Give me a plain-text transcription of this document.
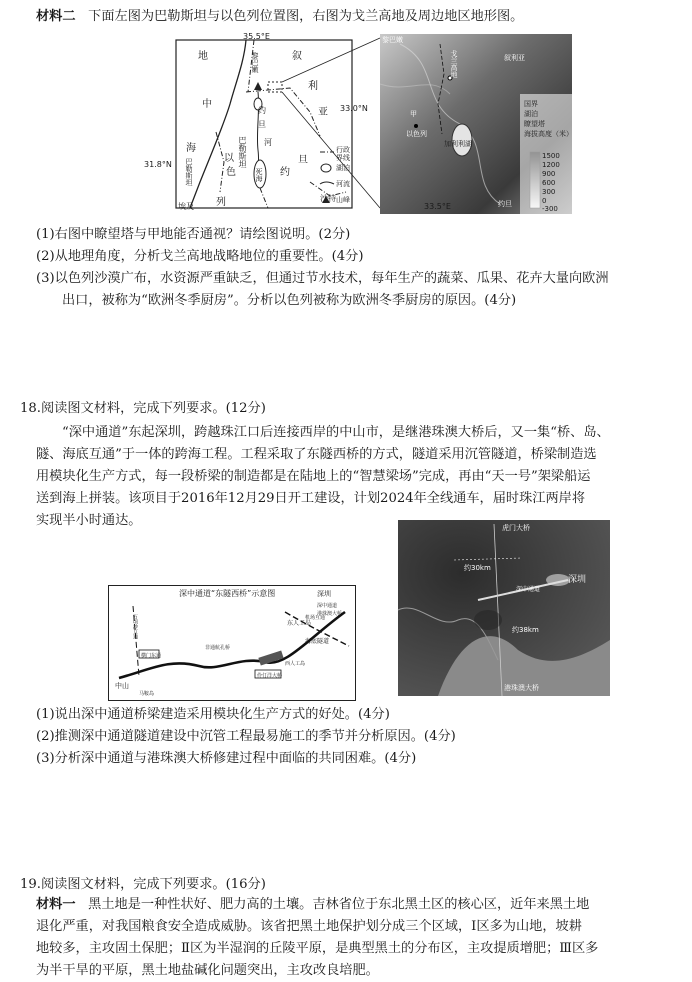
材料二 下面左图为巴勒斯坦与以色列位置图，右图为戈兰高地及周边地区地形图。
35.5°E
31.8°N
地
中
海
叙
利
亚
黎巴嫩
约
旦
河
约
旦
巴勒斯坦
以
色
列
巴勒斯坦	死海
埃及
沙特
行政界线
湖泊
河流
山峰
黎巴嫩
戈兰高地	叙利亚
甲
以色列
加利利湖
约旦
国界
湖泊
瞭望塔
海拔高度（米）
1500
1200
900
600
300
0
-300
33.0°N
33.5°E
(1)右图中瞭望塔与甲地能否通视？请绘图说明。(2分)
(2)从地理角度，分析戈兰高地战略地位的重要性。(4分)
(3)以色列沙漠广布，水资源严重缺乏，但通过节水技术，每年生产的蔬菜、瓜果、花卉大量向欧洲
出口，被称为“欧洲冬季厨房”。分析以色列被称为欧洲冬季厨房的原因。(4分)
18.阅读图文材料，完成下列要求。(12分)
“深中通道”东起深圳，跨越珠江口后连接西岸的中山市，是继港珠澳大桥后，又一集“桥、岛、
隧、海底互通”于一体的跨海工程。工程采取了东隧西桥的方式，隧道采用沉管隧道，桥梁制造选
用模块化生产方式，每一段桥梁的制造都是在陆地上的“智慧梁场”完成，再由“天一号”架梁船运
送到海上拼装。该项目于2016年12月29日开工建设，计划2024年全线通车，届时珠江两岸将
实现半小时通达。
深中通道“东隧西桥”示意图	深圳
深中通道
港珠澳大桥
东人工岛
海底隧道
横门东通
非通航孔桥
西人工岛
伶仃洋大桥
中山
马鞍岛
万顷沙互通	机场互通
虎门大桥
约30km
深圳
深中通道
约38km
港珠澳大桥
(1)说出深中通道桥梁建造采用模块化生产方式的好处。(4分)
(2)推测深中通道隧道建设中沉管工程最易施工的季节并分析原因。(4分)
(3)分析深中通道与港珠澳大桥修建过程中面临的共同困难。(4分)
19.阅读图文材料，完成下列要求。(16分)
材料一 黑土地是一种性状好、肥力高的土壤。吉林省位于东北黑土区的核心区，近年来黑土地
退化严重，对我国粮食安全造成威胁。该省把黑土地保护划分成三个区域，Ⅰ区多为山地，坡耕
地较多，主攻固土保肥；Ⅱ区为半湿润的丘陵平原，是典型黑土的分布区，主攻提质增肥；Ⅲ区多
为半干旱的平原，黑土地盐碱化问题突出，主攻改良培肥。
